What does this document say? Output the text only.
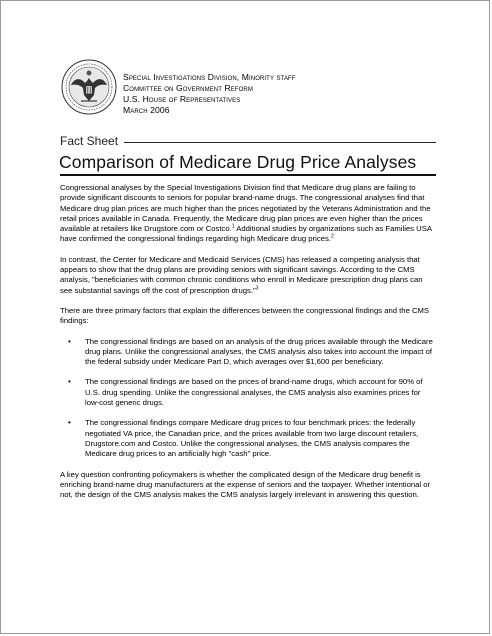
Special Investigations Division, Minority staff
Committee on Government Reform
U.S. House of Representatives
March 2006
Fact Sheet
Comparison of Medicare Drug Price Analyses

Congressional analyses by the Special Investigations Division find that Medicare drug plans are failing to provide significant discounts to seniors for popular brand-name drugs. The congressional analyses find that Medicare drug plan prices are much higher than the prices negotiated by the Veterans Administration and the retail prices available in Canada. Frequently, the Medicare drug plan prices are even higher than the prices available at retailers like Drugstore.com or Costco.$^1$ Additional studies by organizations such as Families USA have confirmed the congressional findings regarding high Medicare drug prices.$^2$

In contrast, the Center for Medicare and Medicaid Services (CMS) has released a competing analysis that appears to show that the drug plans are providing seniors with significant savings. According to the CMS analysis, "beneficiaries with common chronic conditions who enroll in Medicare prescription drug plans can see substantial savings off the cost of prescription drugs."$^3$

There are three primary factors that explain the differences between the congressional findings and the CMS findings:

• The congressional findings are based on an analysis of the drug prices available through the Medicare drug plans. Unlike the congressional analyses, the CMS analysis also takes into account the impact of the federal subsidy under Medicare Part D, which averages over $1,600 per beneficiary.
• The congressional findings are based on the prices of brand-name drugs, which account for 90% of U.S. drug spending. Unlike the congressional analyses, the CMS analysis also examines prices for low-cost generic drugs.
• The congressional findings compare Medicare drug prices to four benchmark prices: the federally negotiated VA price, the Canadian price, and the prices available from two large discount retailers, Drugstore.com and Costco. Unlike the congressional analyses, the CMS analysis compares the Medicare drug prices to an artificially high "cash" price.

A key question confronting policymakers is whether the complicated design of the Medicare drug benefit is enriching brand-name drug manufacturers at the expense of seniors and the taxpayer. Whether intentional or not, the design of the CMS analysis makes the CMS analysis largely irrelevant in answering this question.
